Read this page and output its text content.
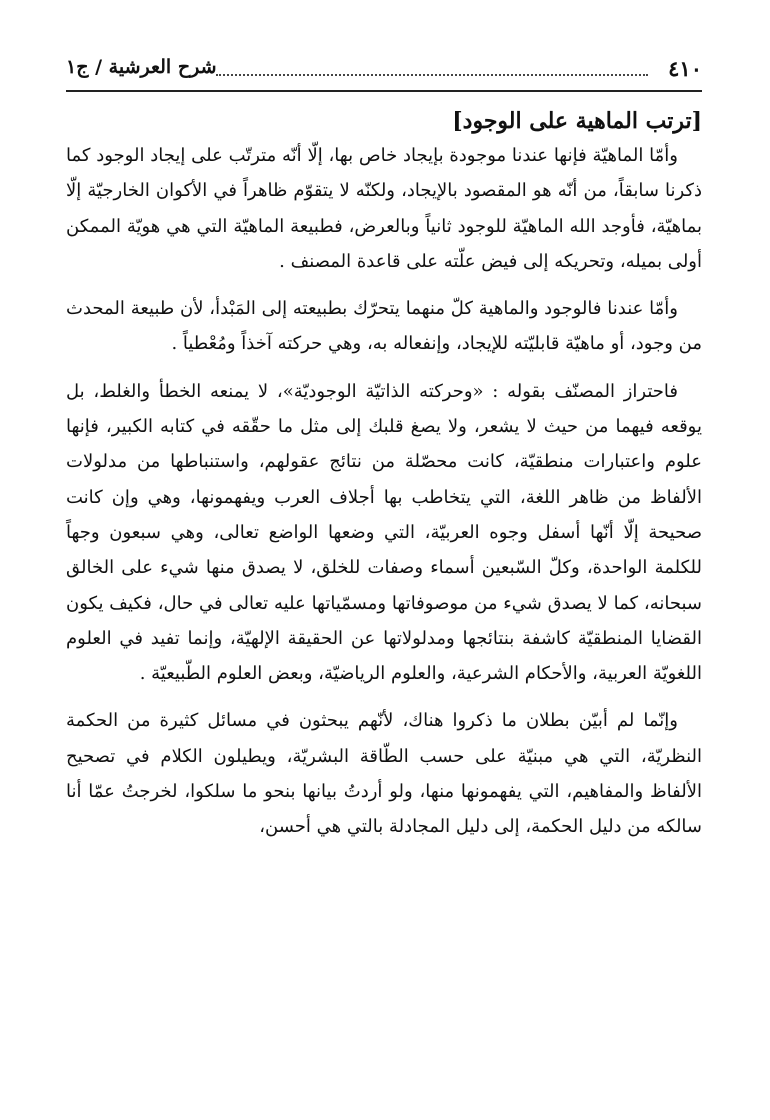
٤١٠
شرح العرشية / ج١
[ترتب الماهية على الوجود]

وأمّا الماهيّة فإنها عندنا موجودة بإيجاد خاص بها، إلّا أنّه مترتّب على إيجاد الوجود كما ذكرنا سابقاً، من أنّه هو المقصود بالإيجاد، ولكنّه لا يتقوّم ظاهراً في الأكوان الخارجيّة إلّا بماهيّة، فأوجد الله الماهيّة للوجود ثانياً وبالعرض، فطبيعة الماهيّة التي هي هويّة الممكن أولى بميله، وتحريكه إلى فيض علّته على قاعدة المصنف .

وأمّا عندنا فالوجود والماهية كلّ منهما يتحرّك بطبيعته إلى المَبْدأ، لأن طبيعة المحدث من وجود، أو ماهيّة قابليّته للإيجاد، وإنفعاله به، وهي حركته آخذاً ومُعْطياً .

فاحتراز المصنّف بقوله : «وحركته الذاتيّة الوجوديّة»، لا يمنعه الخطأ والغلط، بل يوقعه فيهما من حيث لا يشعر، ولا يصغ قلبك إلى مثل ما حقّقه في كتابه الكبير، فإنها علوم واعتبارات منطقيّة، كانت محصّلة من نتائج عقولهم، واستنباطها من مدلولات الألفاظ من ظاهر اللغة، التي يتخاطب بها أجلاف العرب ويفهمونها، وهي وإن كانت صحيحة إلّا أنّها أسفل وجوه العربيّة، التي وضعها الواضع تعالى، وهي سبعون وجهاً للكلمة الواحدة، وكلّ السّبعين أسماء وصفات للخلق، لا يصدق منها شيء على الخالق سبحانه، كما لا يصدق شيء من موصوفاتها ومسمّياتها عليه تعالى في حال، فكيف يكون القضايا المنطقيّة كاشفة بنتائجها ومدلولاتها عن الحقيقة الإلهيّة، وإنما تفيد في العلوم اللغويّة العربية، والأحكام الشرعية، والعلوم الرياضيّة، وبعض العلوم الطّبيعيّة .

وإنّما لم أبيّن بطلان ما ذكروا هناك، لأنّهم يبحثون في مسائل كثيرة من الحكمة النظريّة، التي هي مبنيّة على حسب الطّاقة البشريّة، ويطيلون الكلام في تصحيح الألفاظ والمفاهيم، التي يفهمونها منها، ولو أردتُ بيانها بنحو ما سلكوا، لخرجتُ عمّا أنا سالكه من دليل الحكمة، إلى دليل المجادلة بالتي هي أحسن،
